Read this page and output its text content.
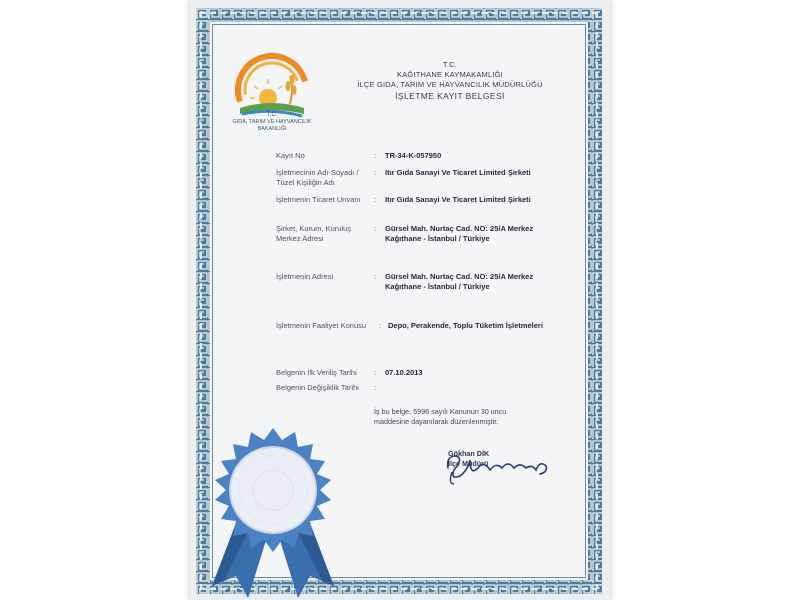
T.C.
GIDA, TARIM VE HAYVANCILIK
BAKANLIĞI
T.C.
KAĞITHANE KAYMAKAMLIĞI
İLÇE GIDA, TARIM VE HAYVANCILIK MÜDÜRLÜĞÜ
İŞLETME KAYIT BELGESİ
Kayıt No	: TR-34-K-057950
İşletmecinin Adı-Soyadı /
Tüzel Kişiliğin Adı
: Itır Gıda Sanayi Ve Ticaret Limited Şirketi
İşletmenin Ticaret Unvanı : Itır Gıda Sanayi Ve Ticaret Limited Şirketi
Şirket, Kurum, Kuruluş
Merkez Adresi
: Gürsel Mah. Nurtaç Cad. NO: 25/A Merkez
Kağıthane - İstanbul / Türkiye
İşletmenin Adresi	: Gürsel Mah. Nurtaç Cad. NO: 25/A Merkez
Kağıthane - İstanbul / Türkiye
İşletmenin Faaliyet Konusu : Depo, Perakende, Toplu Tüketim İşletmeleri
Belgenin İlk Veriliş Tarihi : 07.10.2013
Belgenin Değişiklik Tarihi :
İş bu belge, 5996 sayılı Kanunun 30 uncu
maddesine dayanılarak düzenlenmiştir.
Gökhan DİK
İlçe Müdürü
